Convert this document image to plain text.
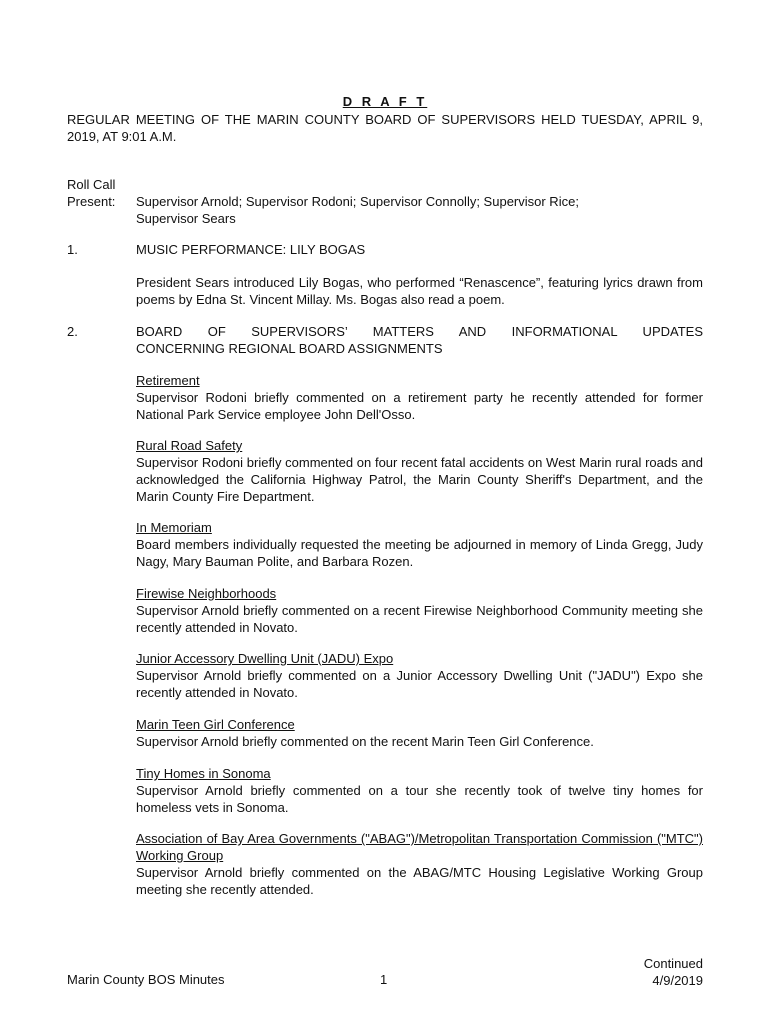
D R A F T
REGULAR MEETING OF THE MARIN COUNTY BOARD OF SUPERVISORS HELD TUESDAY, APRIL 9, 2019, AT 9:01 A.M.
Roll Call
Present:	Supervisor Arnold; Supervisor Rodoni; Supervisor Connolly; Supervisor Rice;
Supervisor Sears
1.	MUSIC PERFORMANCE: LILY BOGAS
President Sears introduced Lily Bogas, who performed “Renascence”, featuring lyrics drawn from poems by Edna St. Vincent Millay. Ms. Bogas also read a poem.
2.	BOARD OF SUPERVISORS’ MATTERS AND INFORMATIONAL UPDATES
CONCERNING REGIONAL BOARD ASSIGNMENTS
Retirement
Supervisor Rodoni briefly commented on a retirement party he recently attended for former National Park Service employee John Dell'Osso.
Rural Road Safety
Supervisor Rodoni briefly commented on four recent fatal accidents on West Marin rural roads and acknowledged the California Highway Patrol, the Marin County Sheriff's Department, and the Marin County Fire Department.
In Memoriam
Board members individually requested the meeting be adjourned in memory of Linda Gregg, Judy Nagy, Mary Bauman Polite, and Barbara Rozen.
Firewise Neighborhoods
Supervisor Arnold briefly commented on a recent Firewise Neighborhood Community meeting she recently attended in Novato.
Junior Accessory Dwelling Unit (JADU) Expo
Supervisor Arnold briefly commented on a Junior Accessory Dwelling Unit ("JADU") Expo she recently attended in Novato.
Marin Teen Girl Conference
Supervisor Arnold briefly commented on the recent Marin Teen Girl Conference.
Tiny Homes in Sonoma
Supervisor Arnold briefly commented on a tour she recently took of twelve tiny homes for homeless vets in Sonoma.
Association of Bay Area Governments ("ABAG")/Metropolitan Transportation Commission ("MTC") Working Group
Supervisor Arnold briefly commented on the ABAG/MTC Housing Legislative Working Group meeting she recently attended.
Marin County BOS Minutes	1
Continued
4/9/2019
